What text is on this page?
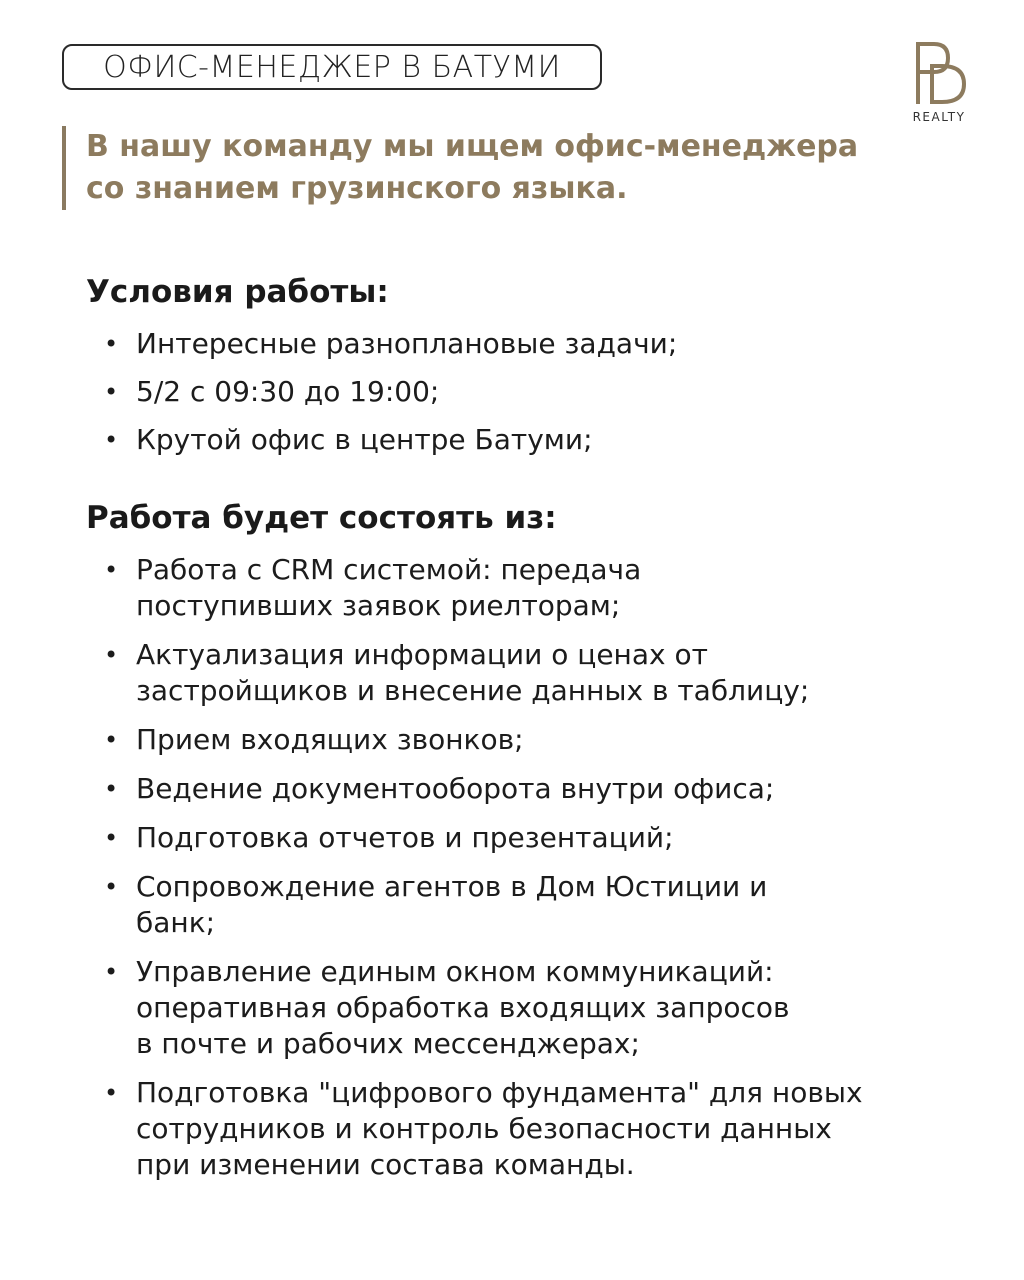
ОФИС-МЕНЕДЖЕР В БАТУМИ
REALTY
В нашу команду мы ищем офис-менеджера
со знанием грузинского языка.
Условия работы:
• Интересные разноплановые задачи;
• 5/2 с 09:30 до 19:00;
• Крутой офис в центре Батуми;
Работа будет состоять из:
• Работа с CRM системой: передача
поступивших заявок риелторам;
• Актуализация информации о ценах от
застройщиков и внесение данных в таблицу;
• Прием входящих звонков;
• Ведение документооборота внутри офиса;
• Подготовка отчетов и презентаций;
• Сопровождение агентов в Дом Юстиции и
банк;
• Управление единым окном коммуникаций:
оперативная обработка входящих запросов
в почте и рабочих мессенджерах;
• Подготовка "цифрового фундамента" для новых
сотрудников и контроль безопасности данных
при изменении состава команды.
